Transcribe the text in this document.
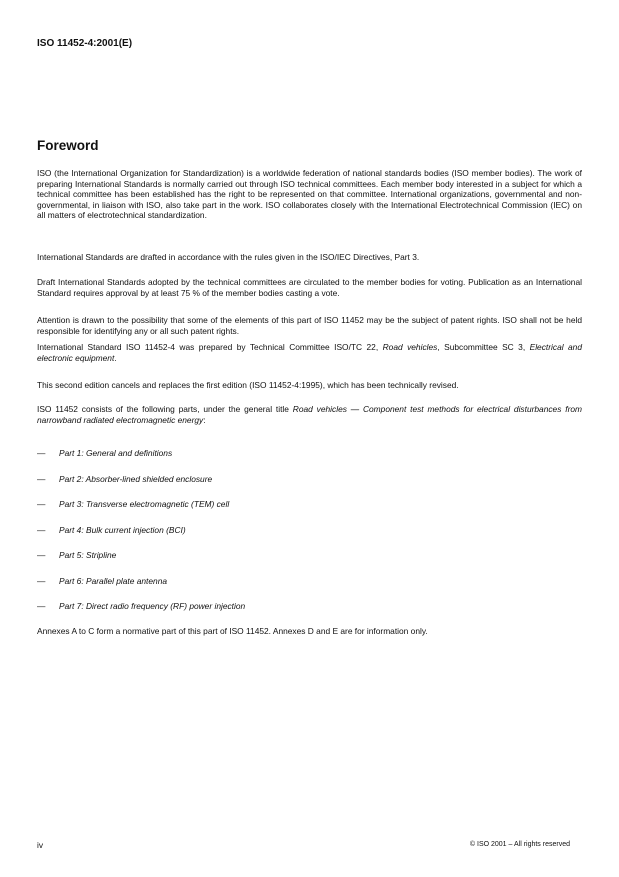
ISO 11452-4:2001(E)
Foreword

ISO (the International Organization for Standardization) is a worldwide federation of national standards bodies (ISO member bodies). The work of preparing International Standards is normally carried out through ISO technical committees. Each member body interested in a subject for which a technical committee has been established has the right to be represented on that committee. International organizations, governmental and non-governmental, in liaison with ISO, also take part in the work. ISO collaborates closely with the International Electrotechnical Commission (IEC) on all matters of electrotechnical standardization.

International Standards are drafted in accordance with the rules given in the ISO/IEC Directives, Part 3.

Draft International Standards adopted by the technical committees are circulated to the member bodies for voting. Publication as an International Standard requires approval by at least 75 % of the member bodies casting a vote.

Attention is drawn to the possibility that some of the elements of this part of ISO 11452 may be the subject of patent rights. ISO shall not be held responsible for identifying any or all such patent rights.

International Standard ISO 11452-4 was prepared by Technical Committee ISO/TC 22, Road vehicles, Subcommittee SC 3, Electrical and electronic equipment.

This second edition cancels and replaces the first edition (ISO 11452-4:1995), which has been technically revised.

ISO 11452 consists of the following parts, under the general title Road vehicles — Component test methods for electrical disturbances from narrowband radiated electromagnetic energy:

— Part 1: General and definitions
— Part 2: Absorber-lined shielded enclosure
— Part 3: Transverse electromagnetic (TEM) cell
— Part 4: Bulk current injection (BCI)
— Part 5: Stripline
— Part 6: Parallel plate antenna
— Part 7: Direct radio frequency (RF) power injection

Annexes A to C form a normative part of this part of ISO 11452. Annexes D and E are for information only.

iv	© ISO 2001 – All rights reserved
